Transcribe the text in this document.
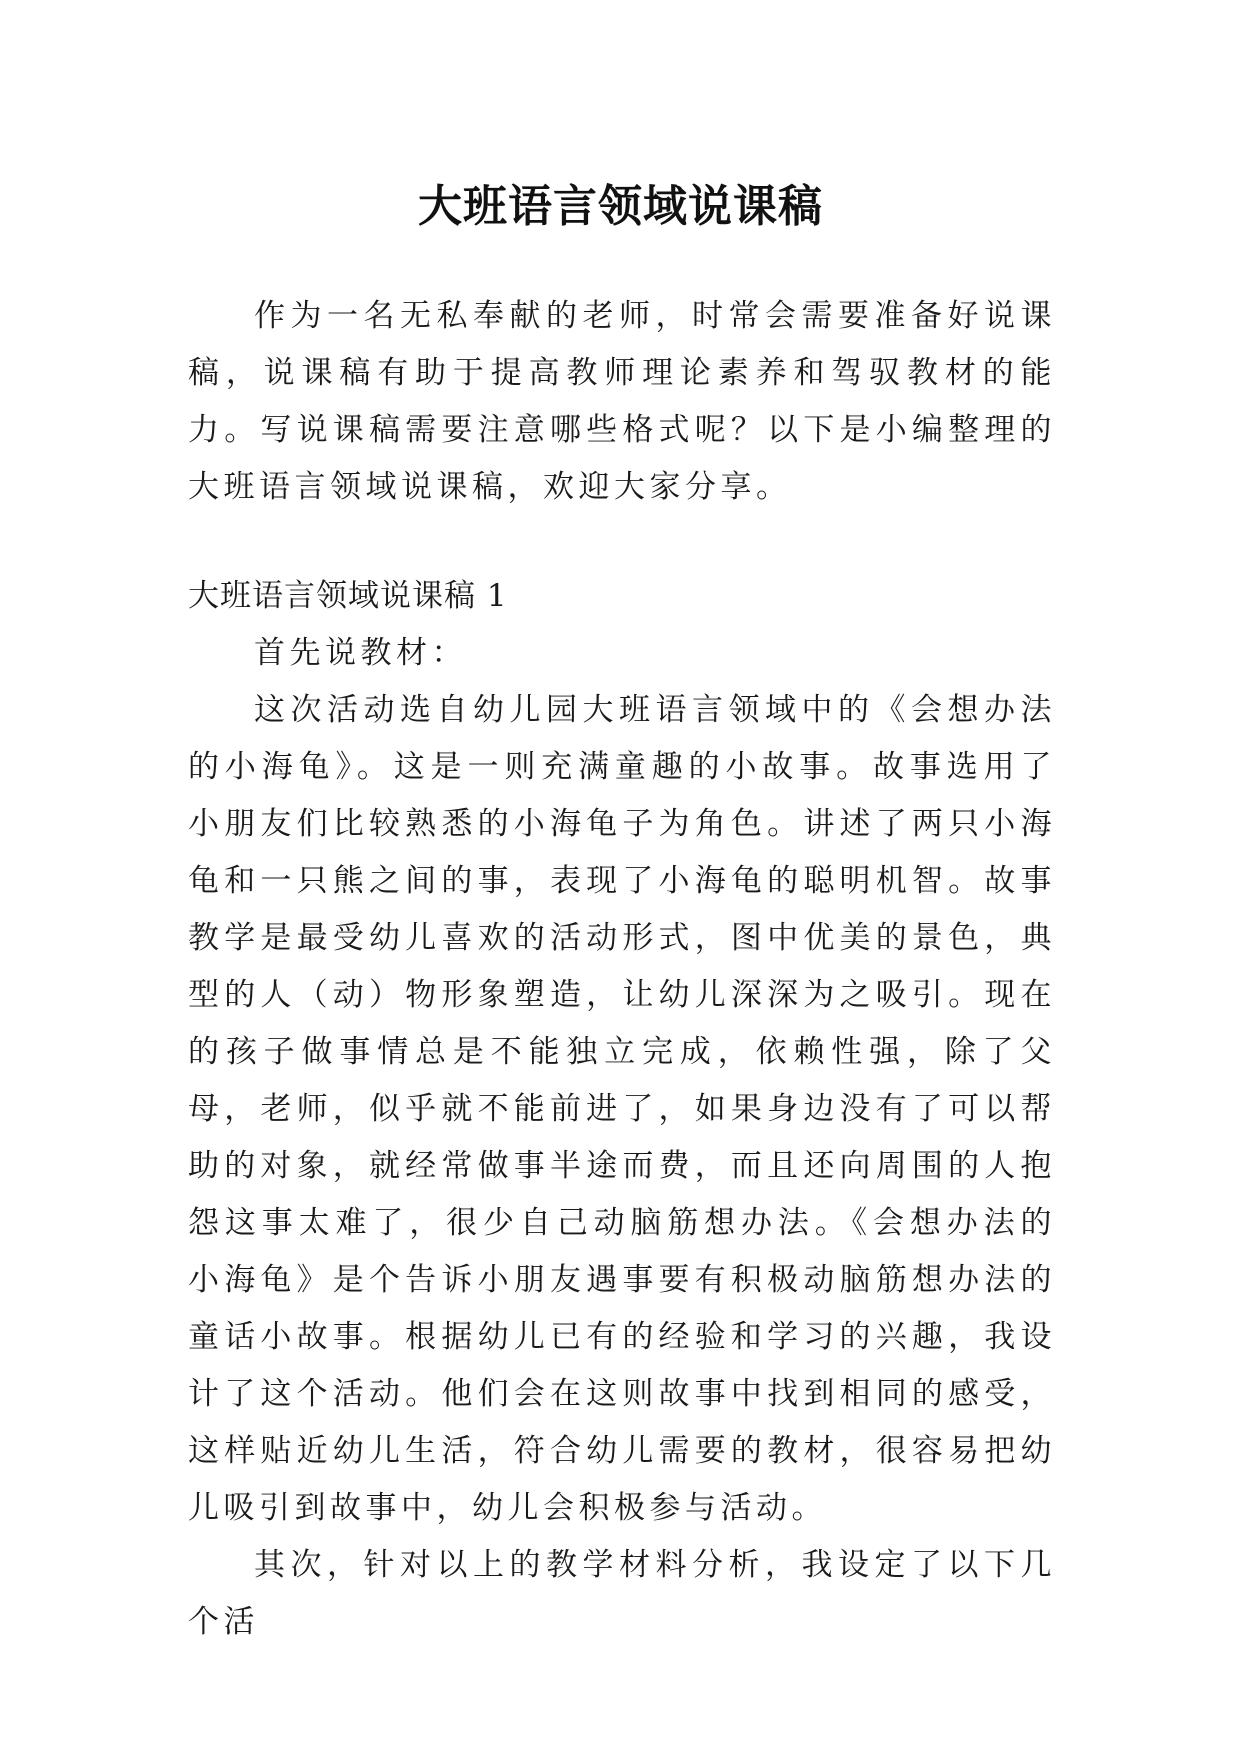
大班语言领域说课稿

作为一名无私奉献的老师，时常会需要准备好说课稿，说课稿有助于提高教师理论素养和驾驭教材的能力。写说课稿需要注意哪些格式呢？以下是小编整理的大班语言领域说课稿，欢迎大家分享。

大班语言领域说课稿 1

首先说教材：

这次活动选自幼儿园大班语言领域中的《会想办法的小海龟》。这是一则充满童趣的小故事。故事选用了小朋友们比较熟悉的小海龟子为角色。讲述了两只小海龟和一只熊之间的事，表现了小海龟的聪明机智。故事教学是最受幼儿喜欢的活动形式，图中优美的景色，典型的人（动）物形象塑造，让幼儿深深为之吸引。现在的孩子做事情总是不能独立完成，依赖性强，除了父母，老师，似乎就不能前进了，如果身边没有了可以帮助的对象，就经常做事半途而费，而且还向周围的人抱怨这事太难了，很少自己动脑筋想办法。《会想办法的小海龟》是个告诉小朋友遇事要有积极动脑筋想办法的童话小故事。根据幼儿已有的经验和学习的兴趣，我设计了这个活动。他们会在这则故事中找到相同的感受，这样贴近幼儿生活，符合幼儿需要的教材，很容易把幼儿吸引到故事中，幼儿会积极参与活动。

其次，针对以上的教学材料分析，我设定了以下几个活
